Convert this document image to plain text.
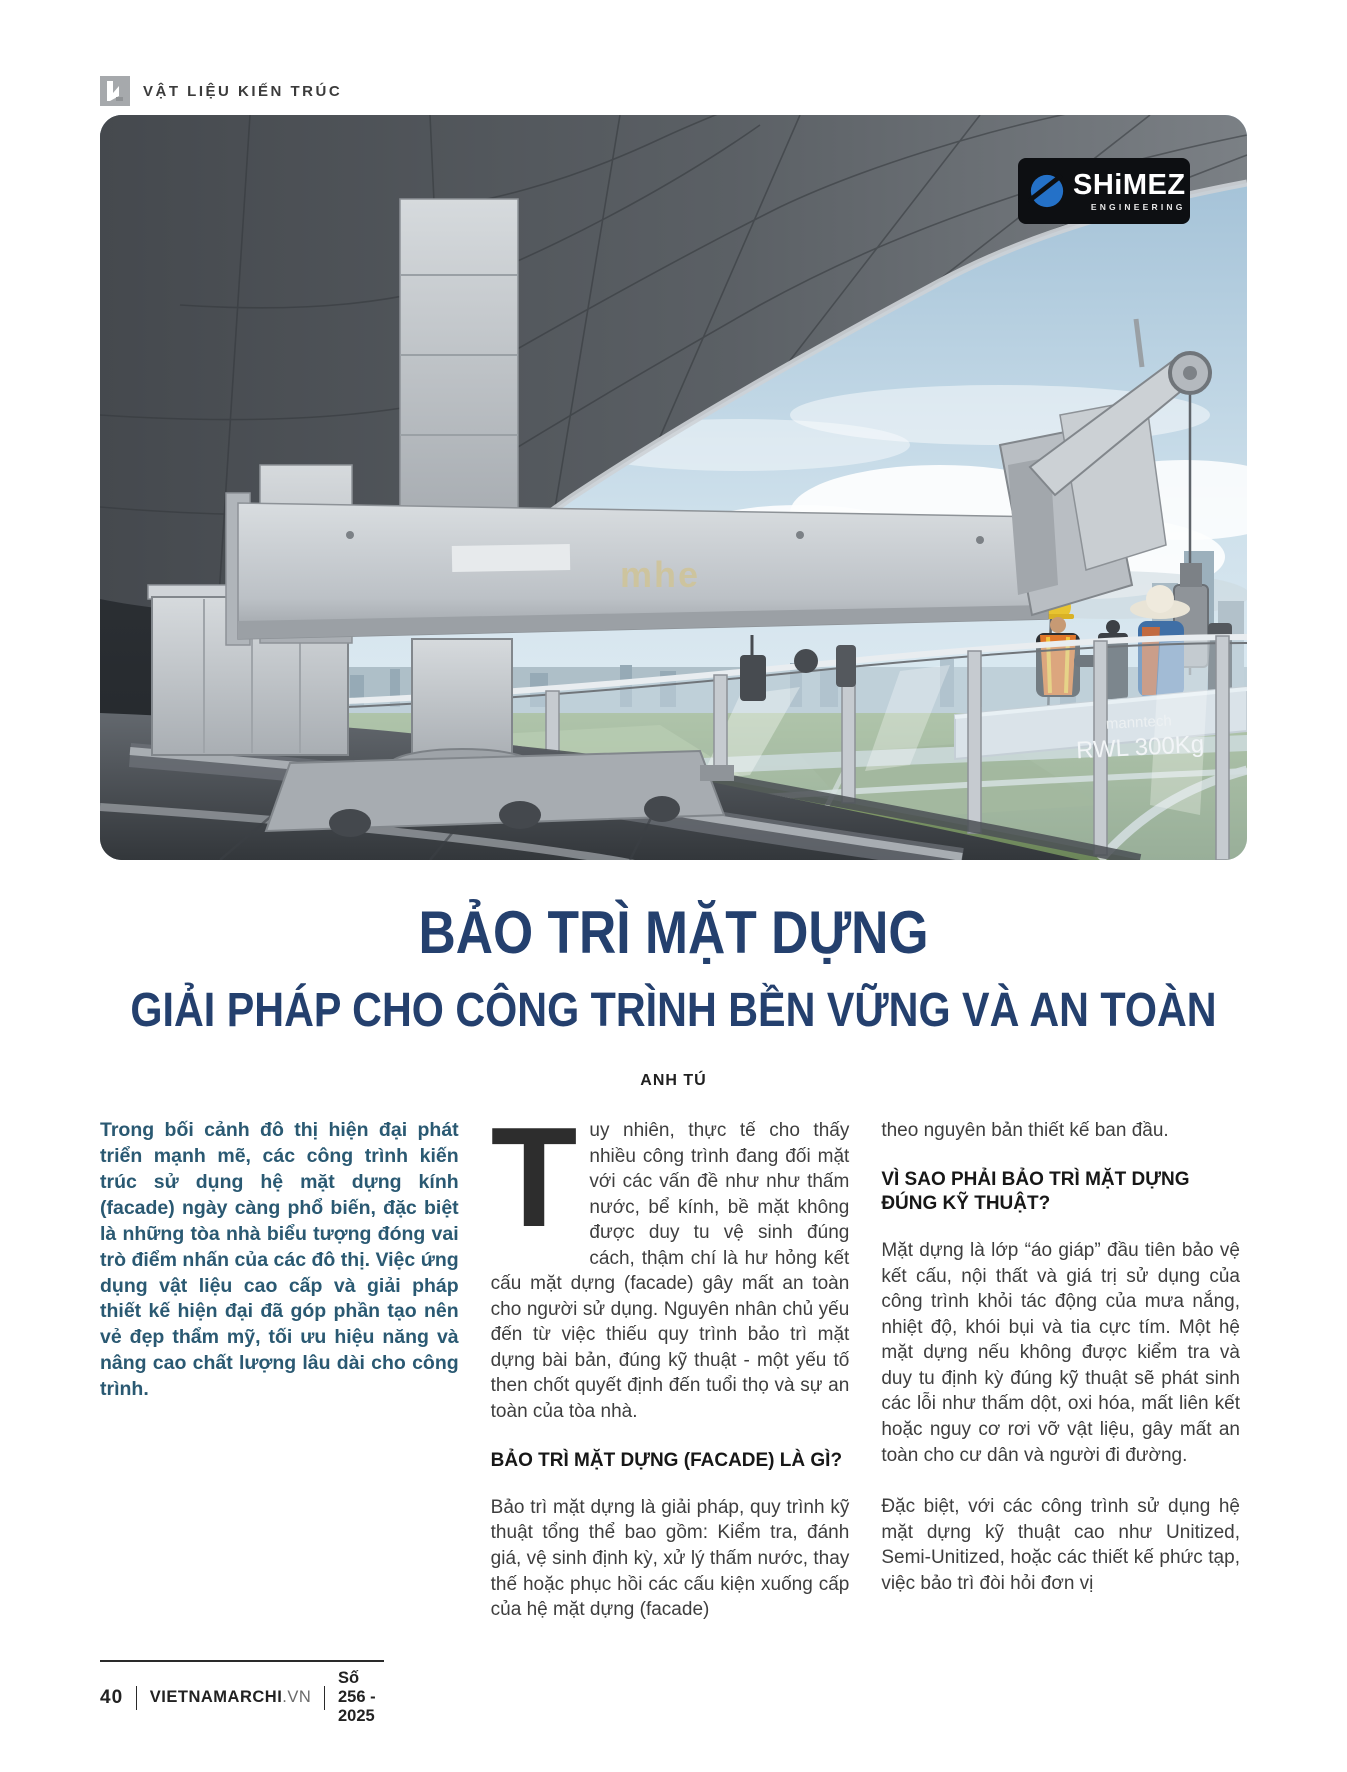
VẬT LIỆU KIẾN TRÚC
manntech
RWL 300Kg
mhe
SHiMEZ
ENGINEERING
BẢO TRÌ MẶT DỰNG
GIẢI PHÁP CHO CÔNG TRÌNH BỀN VỮNG VÀ AN TOÀN
ANH TÚ

Trong bối cảnh đô thị hiện đại phát triển mạnh mẽ, các công trình kiến trúc sử dụng hệ mặt dựng kính (facade) ngày càng phổ biến, đặc biệt là những tòa nhà biểu tượng đóng vai trò điểm nhấn của các đô thị. Việc ứng dụng vật liệu cao cấp và giải pháp thiết kế hiện đại đã góp phần tạo nên vẻ đẹp thẩm mỹ, tối ưu hiệu năng và nâng cao chất lượng lâu dài cho công trình.

Tuy nhiên, thực tế cho thấy nhiều công trình đang đối mặt với các vấn đề như như thấm nước, bể kính, bề mặt không được duy tu vệ sinh đúng cách, thậm chí là hư hỏng kết cấu mặt dựng (facade) gây mất an toàn cho người sử dụng. Nguyên nhân chủ yếu đến từ việc thiếu quy trình bảo trì mặt dựng bài bản, đúng kỹ thuật - một yếu tố then chốt quyết định đến tuổi thọ và sự an toàn của tòa nhà.

BẢO TRÌ MẶT DỰNG (FACADE) LÀ GÌ?

Bảo trì mặt dựng là giải pháp, quy trình kỹ thuật tổng thể bao gồm: Kiểm tra, đánh giá, vệ sinh định kỳ, xử lý thấm nước, thay thế hoặc phục hồi các cấu kiện xuống cấp của hệ mặt dựng (facade)

theo nguyên bản thiết kế ban đầu.

VÌ SAO PHẢI BẢO TRÌ MẶT DỰNG ĐÚNG KỸ THUẬT?

Mặt dựng là lớp “áo giáp” đầu tiên bảo vệ kết cấu, nội thất và giá trị sử dụng của công trình khỏi tác động của mưa nắng, nhiệt độ, khói bụi và tia cực tím. Một hệ mặt dựng nếu không được kiểm tra và duy tu định kỳ đúng kỹ thuật sẽ phát sinh các lỗi như thấm dột, oxi hóa, mất liên kết hoặc nguy cơ rơi vỡ vật liệu, gây mất an toàn cho cư dân và người đi đường.

Đặc biệt, với các công trình sử dụng hệ mặt dựng kỹ thuật cao như Unitized, Semi-Unitized, hoặc các thiết kế phức tạp, việc bảo trì đòi hỏi đơn vị

40 VIETNAMARCHI.VN
Số 256 - 2025
